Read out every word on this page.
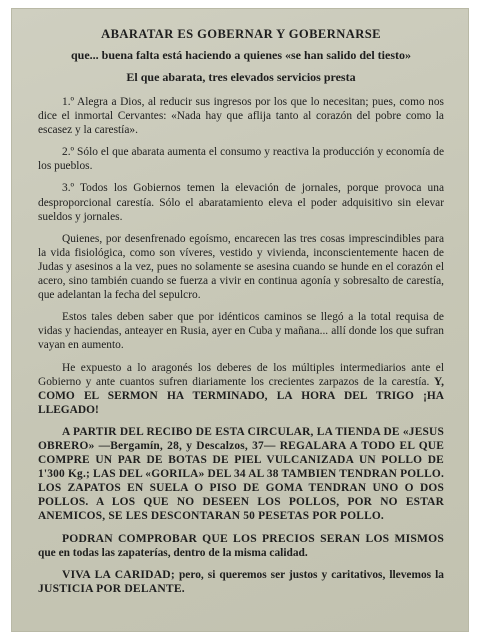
ABARATAR ES GOBERNAR Y GOBERNARSE

que... buena falta está haciendo a quienes «se han salido del tiesto»

El que abarata, tres elevados servicios presta

1.º Alegra a Dios, al reducir sus ingresos por los que lo necesitan; pues, como nos dice el inmortal Cervantes: «Nada hay que aflija tanto al corazón del pobre como la escasez y la carestía».

2.º Sólo el que abarata aumenta el consumo y reactiva la producción y economía de los pueblos.

3.º Todos los Gobiernos temen la elevación de jornales, porque provoca una desproporcional carestía. Sólo el abaratamiento eleva el poder adquisitivo sin elevar sueldos y jornales.

Quienes, por desenfrenado egoísmo, encarecen las tres cosas imprescindibles para la vida fisiológica, como son víveres, vestido y vivienda, inconscientemente hacen de Judas y asesinos a la vez, pues no solamente se asesina cuando se hunde en el corazón el acero, sino también cuando se fuerza a vivir en continua agonía y sobresalto de carestía, que adelantan la fecha del sepulcro.

Estos tales deben saber que por idénticos caminos se llegó a la total requisa de vidas y haciendas, anteayer en Rusia, ayer en Cuba y mañana... allí donde los que sufran vayan en aumento.

He expuesto a lo aragonés los deberes de los múltiples intermediarios ante el Gobierno y ante cuantos sufren diariamente los crecientes zarpazos de la carestía. Y, COMO EL SERMON HA TERMINADO, LA HORA DEL TRIGO ¡HA LLEGADO!

A PARTIR DEL RECIBO DE ESTA CIRCULAR, LA TIENDA DE «JESUS OBRERO» —Bergamín, 28, y Descalzos, 37— REGALARA A TODO EL QUE COMPRE UN PAR DE BOTAS DE PIEL VULCANIZADA UN POLLO DE 1'300 Kg.; LAS DEL «GORILA» DEL 34 AL 38 TAMBIEN TENDRAN POLLO. LOS ZAPATOS EN SUELA O PISO DE GOMA TENDRAN UNO O DOS POLLOS. A LOS QUE NO DESEEN LOS POLLOS, POR NO ESTAR ANEMICOS, SE LES DESCONTARAN 50 PESETAS POR POLLO.

PODRAN COMPROBAR QUE LOS PRECIOS SERAN LOS MISMOS que en todas las zapaterías, dentro de la misma calidad.

VIVA LA CARIDAD; pero, si queremos ser justos y caritativos, llevemos la JUSTICIA POR DELANTE.
